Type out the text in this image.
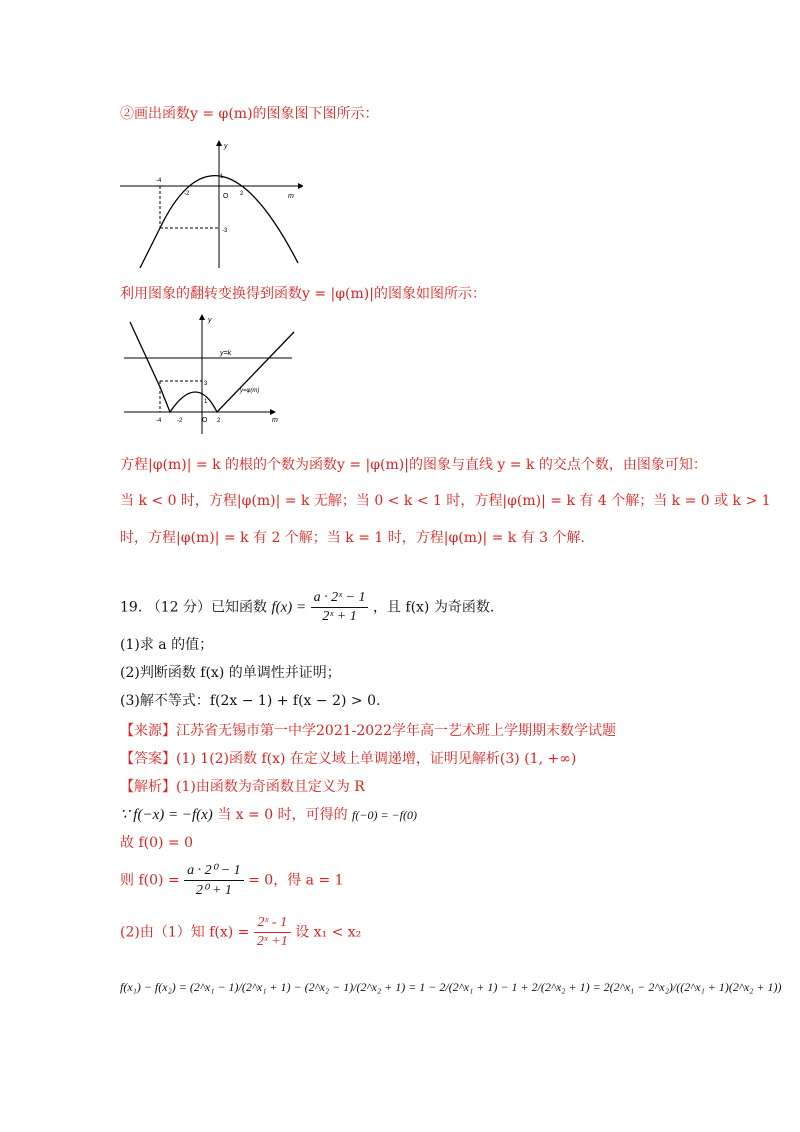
②画出函数y = φ(m)的图象图下图所示：
y
m
O
-4
-2	2
1
-3
利用图象的翻转变换得到函数y = |φ(m)|的图象如图所示：
y
m
O
-4	-2	2
3
1
y=k
y=φ(m)
方程|φ(m)| = k 的根的个数为函数y = |φ(m)|的图象与直线 y = k 的交点个数，由图象可知：
当 k < 0 时，方程|φ(m)| = k 无解；当 0 < k < 1 时，方程|φ(m)| = k 有 4 个解；当 k = 0 或 k > 1
时，方程|φ(m)| = k 有 2 个解；当 k = 1 时，方程|φ(m)| = k 有 3 个解.
19. （12 分）已知函数 $f(x) = \frac{\text{a · 2ˣ − 1}}{\text{2ˣ + 1}}$ ，且 f(x) 为奇函数.
(1)求 a 的值；
(2)判断函数 f(x) 的单调性并证明；
(3)解不等式：f(2x − 1) + f(x − 2) > 0.
【来源】江苏省无锡市第一中学2021-2022学年高一艺术班上学期期末数学试题
【答案】(1) 1(2)函数 f(x) 在定义域上单调递增，证明见解析(3) (1, +∞)
【解析】(1)由函数为奇函数且定义为 R
∵ f(−x) = −f(x) 当 x = 0 时，可得的 f(−0) = −f(0)
故 f(0) = 0
则 $f(0) = \frac{\text{a · 2⁰ − 1}}{\text{2⁰ + 1}} = 0$，得 a = 1
(2)由（1）知 $f(x) = \frac{\text{2ˣ - 1}}{\text{2ˣ +1}}$ 设 x₁ < x₂
f(x₁) − f(x₂) = (2^x₁ − 1)/(2^x₁ + 1) − (2^x₂ − 1)/(2^x₂ + 1) = 1 − 2/(2^x₁ + 1) − 1 + 2/(2^x₂ + 1) = 2(2^x₁ − 2^x₂)/((2^x₁ + 1)(2^x₂ + 1))
